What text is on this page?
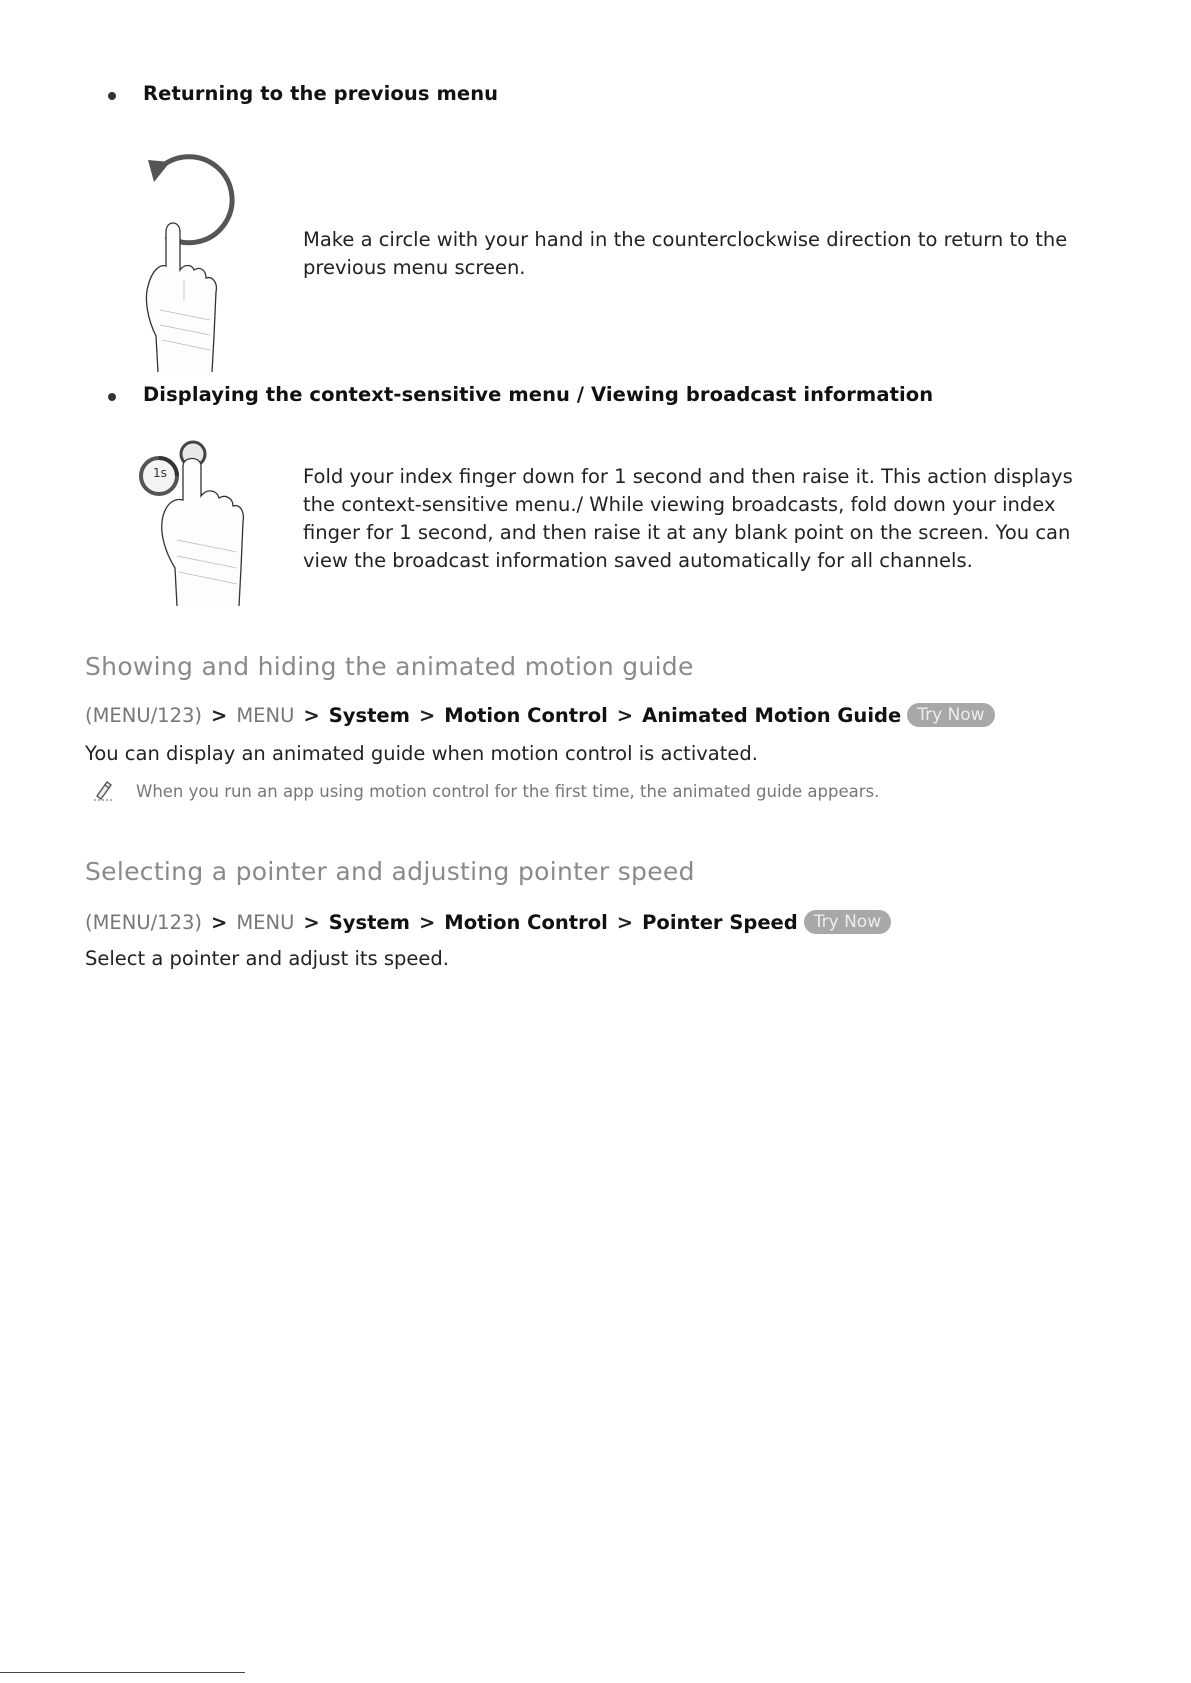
Returning to the previous menu
Make a circle with your hand in the counterclockwise direction to return to the previous menu screen.
Displaying the context-sensitive menu / Viewing broadcast information
1s	Fold your index finger down for 1 second and then raise it. This action displays the context-sensitive menu./ While viewing broadcasts, fold down your index finger for 1 second, and then raise it at any blank point on the screen. You can view the broadcast information saved automatically for all channels.
Showing and hiding the animated motion guide
(MENU/123) > MENU > System > Motion Control > Animated Motion Guide Try Now
You can display an animated guide when motion control is activated.
When you run an app using motion control for the first time, the animated guide appears.
Selecting a pointer and adjusting pointer speed
(MENU/123) > MENU > System > Motion Control > Pointer Speed Try Now
Select a pointer and adjust its speed.
